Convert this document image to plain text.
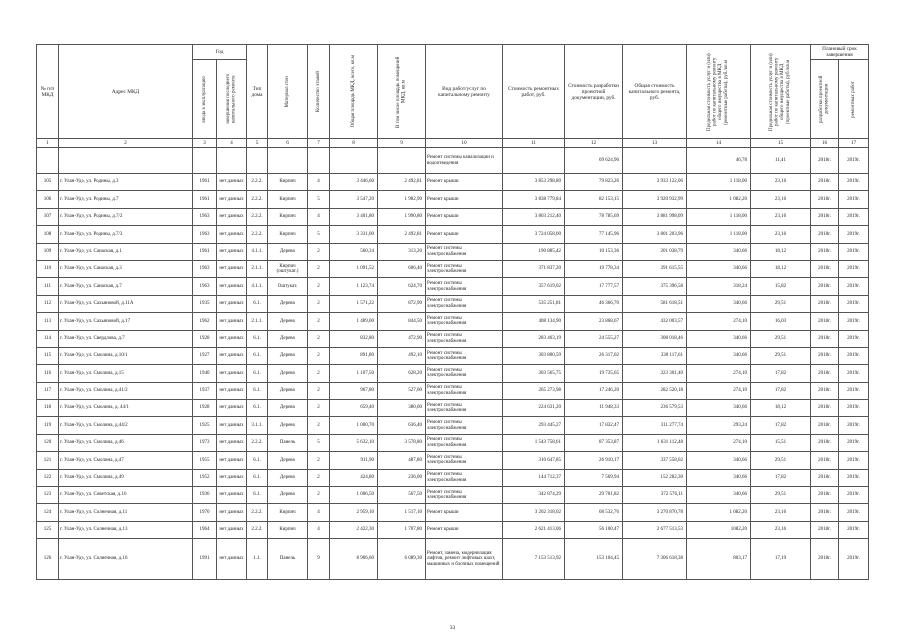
№ п/п МКД	Адрес МКД	Год		Тип дома	Материал стен	Количество этажей	Общая площадь МКД, всего, кв.м	В том числе площадь помещений МКД, кв.м	Вид работ/услуг по капитальному ремонту	Стоимость ремонтных работ, руб.	Стоимость разработки проектной документации, руб.	Общая стоимость капитального ремонта, руб.	Предельная стоимость услуг и (или) работ по капитальному ремонту общего имущества в МКД (ремонтные работы), руб./кв.м	Предельная стоимость услуг и (или) работ по капитальному ремонту общего имущества в МКД (проектные работы), руб./кв.м	Плановый срок завершения	

		ввода в эксплуатацию	завершения последнего капитального ремонта												разработки проектной документации	ремонтных работ

1	2	3	4	5	6	7	8	9	10	11	12	13	14	15	16	17
									Ремонт системы канализации и водоотведения		69 624,96		46,78	11,41	2018г.	2019г.
105	г. Улан-Удэ, ул. Родины, д.3	1961	нет данных	2.2.2.	Кирпич	4	3 446,60	2 492,81	Ремонт крыши	3 853 298,80	79 823,26	3 933 122,06	1 118,00	23,16	2018г.	2019г.
106	г. Улан-Удэ, ул. Родины, д.7	1961	нет данных	2.2.2.	Кирпич	5	3 547,20	1 982,90	Ремонт крыши	3 838 779,84	82 153,15	3 920 932,99	1 082,20	23,16	2018г.	2019г.
107	г. Улан-Удэ, ул. Родины, д.7/2	1963	нет данных	2.2.2.	Кирпич	4	3 401,80	1 990,80	Ремонт крыши	3 803 212,40	78 785,69	3 881 998,09	1 118,00	23,16	2018г.	2019г.
108	г. Улан-Удэ, ул. Родины, д.7/3	1963	нет данных	2.2.2.	Кирпич	5	3 331,00	2 492,81	Ремонт крыши	3 724 058,00	77 145,96	3 801 203,96	1 118,00	23,16	2018г.	2019г.
109	г. Улан-Удэ, ул. Санаская, д.1	1961	нет данных	4.1.1.	Дерево	2	560,34	313,20	Ремонт системы электроснабжения	190 885,42	10 153,36	201 038,79	340,66	18,12	2018г.	2019г.
110	г. Улан-Удэ, ул. Санаская, д.3	1963	нет данных	2.1.1.	Кирпич (оштукат.)	2	1 091,52	606,40	Ремонт системы электроснабжения	371 837,20	19 778,34	391 615,55	340,66	18,12	2018г.	2019г.
111	г. Улан-Удэ, ул. Санаская, д.7	1963	нет данных	4.1.1.	Оштукат.	2	1 123,74	624,70	Ремонт системы электроснабжения	357 619,02	17 777,57	375 396,58	318,24	15,82	2018г.	2019г.
112	г. Улан-Удэ, ул. Сахьяновой, д.11А	1935	нет данных	6.1.	Дерево	2	1 571,22	872,90	Ремонт системы электроснабжения	535 251,81	46 366,70	581 618,51	340,66	29,51	2018г.	2019г.
113	г. Улан-Удэ, ул. Сахьяновой, д.17	1962	нет данных	2.1.1.	Дерево	2	1 489,00	844,50	Ремонт системы электроснабжения	408 134,90	23 868,67	432 003,57	274,10	16,03	2018г.	2019г.
114	г. Улан-Удэ, ул. Свердлова, д.7	1928	нет данных	6.1.	Дерево	2	832,80	472,90	Ремонт системы электроснабжения	283 463,19	24 555,27	308 018,46	340,66	29,51	2018г.	2019г.
115	г. Улан-Удэ, ул. Смолина, д.10/1	1927	нет данных	6.1.	Дерево	2	891,80	492,10	Ремонт системы электроснабжения	303 800,59	26 317,02	330 117,61	340,66	29,51	2018г.	2019г.
116	г. Улан-Удэ, ул. Смолина, д.15	1940	нет данных	6.1.	Дерево	2	1 107,50	628,20	Ремонт системы электроснабжения	303 565,75	19 735,65	323 301,40	274,10	17,82	2018г.	2019г.
117	г. Улан-Удэ, ул. Смолина, д.41/2	1937	нет данных	6.1.	Дерево	2	967,80	527,00	Ремонт системы электроснабжения	265 273,98	17 246,20	282 520,18	274,10	17,82	2018г.	2019г.
118	г. Улан-Удэ, ул. Смолина, д. 44/1	1928	нет данных	6.1.	Дерево	2	659,40	380,00	Ремонт системы электроснабжения	224 631,20	11 948,33	236 579,53	340,66	18,12	2018г.	2019г.
119	г. Улан-Удэ, ул. Смолина, д.44/2	1925	нет данных	3.1.1.	Дерево	2	1 000,70	636,40	Ремонт системы электроснабжения	293 445,27	17 832,47	311 277,74	293,24	17,82	2018г.	2019г.
120	г. Улан-Удэ, ул. Смолина, д.46	1973	нет данных	2.2.2.	Панель	5	5 632,10	3 578,80	Ремонт системы электроснабжения	1 543 758,61	87 353,87	1 631 112,48	274,10	15,51	2018г.	2019г.
121	г. Улан-Удэ, ул. Смолина, д.47	1955	нет данных	6.1.	Дерево	2	911,90	487,80	Ремонт системы электроснабжения	310 647,85	26 910,17	337 558,02	340,66	29,51	2018г.	2019г.
122	г. Улан-Удэ, ул. Смолина, д.49	1952	нет данных	6.1.	Дерево	2	424,80	236,00	Ремонт системы электроснабжения	144 712,37	7 569,94	152 282,30	340,66	17,82	2018г.	2019г.
123	г. Улан-Удэ, ул. Советская, д.16	1936	нет данных	6.1.	Дерево	2	1 006,50	567,50	Ремонт системы электроснабжения	342 874,29	29 701,82	372 576,11	340,66	29,51	2018г.	2019г.
124	г. Улан-Удэ, ул. Солнечная, д.11	1970	нет данных	2.2.2.	Кирпич	4	2 959,10	1 517,10	Ремонт крыши	3 202 318,02	68 532,76	3 270 870,78	1 082,20	23,16	2018г.	2019г.
125	г. Улан-Удэ, ул. Солнечная, д.13	1964	нет данных	2.2.2.	Кирпич	4	2 422,30	1 707,80	Ремонт крыши	2 621 413,06	56 100,47	2 677 513,53	1082,20	23,16	2018г.	2019г.
126	г. Улан-Удэ, ул. Солнечная, д.16	1991	нет данных	1.1.	Панель	9	8 906,60	6 089,30	Ремонт, замена, модернизация лифтов, ремонт лифтовых шахт, машинных и блочных помещений	7 153 513,92	153 104,45	7 306 618,38	803,17	17,19	2018г.	2019г.
33
